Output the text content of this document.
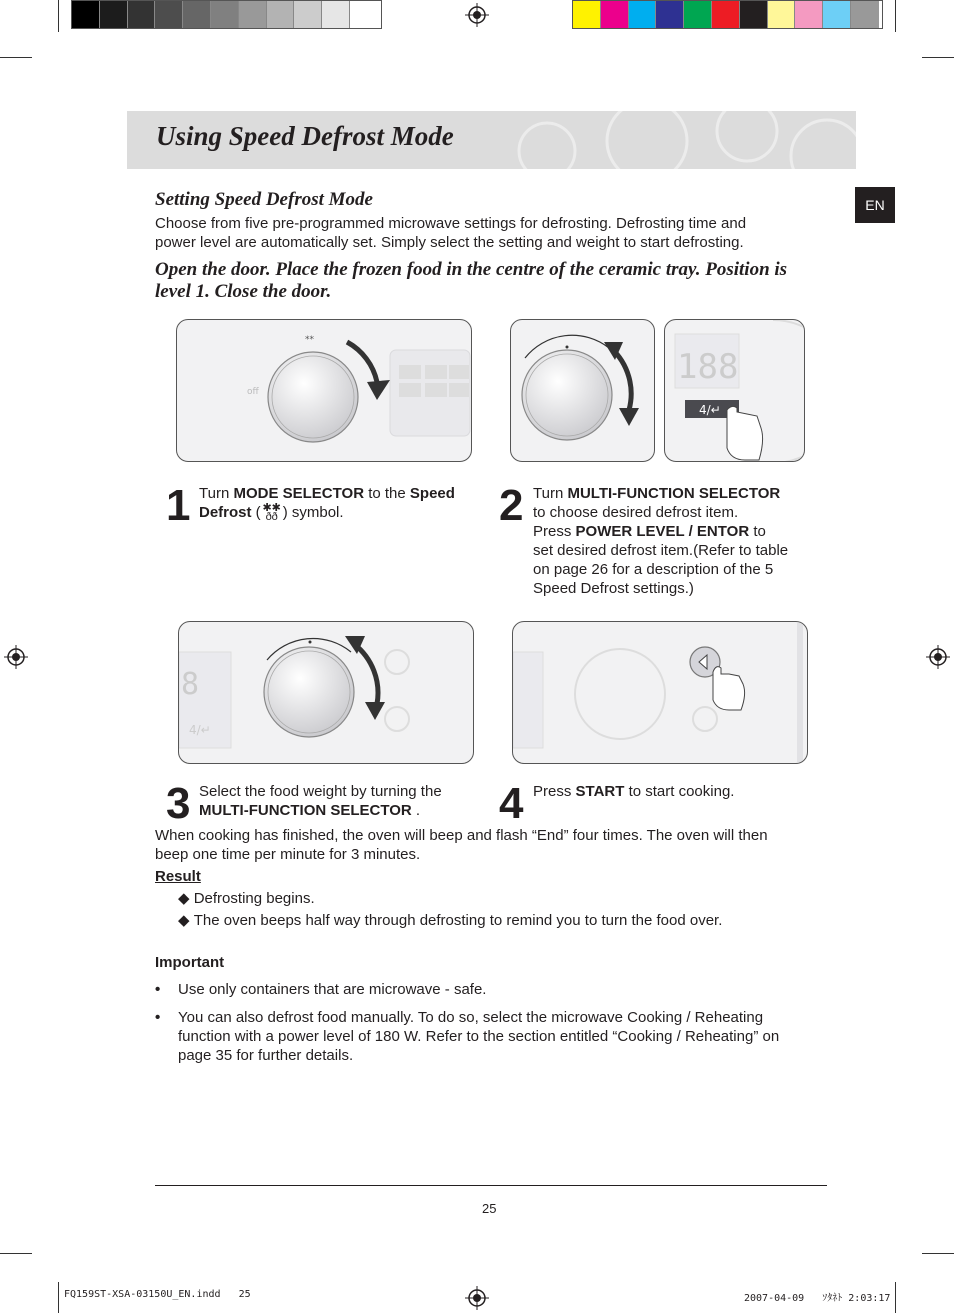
Using Speed Defrost Mode
EN
Setting Speed Defrost Mode
Choose from five pre-programmed microwave settings for defrosting. Defrosting time and
power level are automatically set. Simply select the setting and weight to start defrosting.
Open the door. Place the frozen food in the centre of the ceramic tray. Position is
level 1. Close the door.
off
**
188
4/↵
1 Turn MODE SELECTOR to the Speed
Defrost ( ✱✱
ðð ) symbol.	2 Turn MULTI-FUNCTION SELECTOR
to choose desired defrost item.
Press POWER LEVEL / ENTOR to
set desired defrost item.(Refer to table
on page 26 for a description of the 5
Speed Defrost settings.)
8
4/↵
3 Select the food weight by turning the
MULTI-FUNCTION SELECTOR .	4 Press START to start cooking.
When cooking has finished, the oven will beep and flash “End” four times. The oven will then
beep one time per minute for 3 minutes.
Result
◆ Defrosting begins.
◆ The oven beeps half way through defrosting to remind you to turn the food over.
Important
• Use only containers that are microwave - safe.
• You can also defrost food manually. To do so, select the microwave Cooking / Reheating
function with a power level of 180 W. Refer to the section entitled “Cooking / Reheating” on
page 35 for further details.
25
FQ159ST-XSA-03150U_EN.indd   25	2007-04-09   ｿﾀﾈﾄ 2:03:17
